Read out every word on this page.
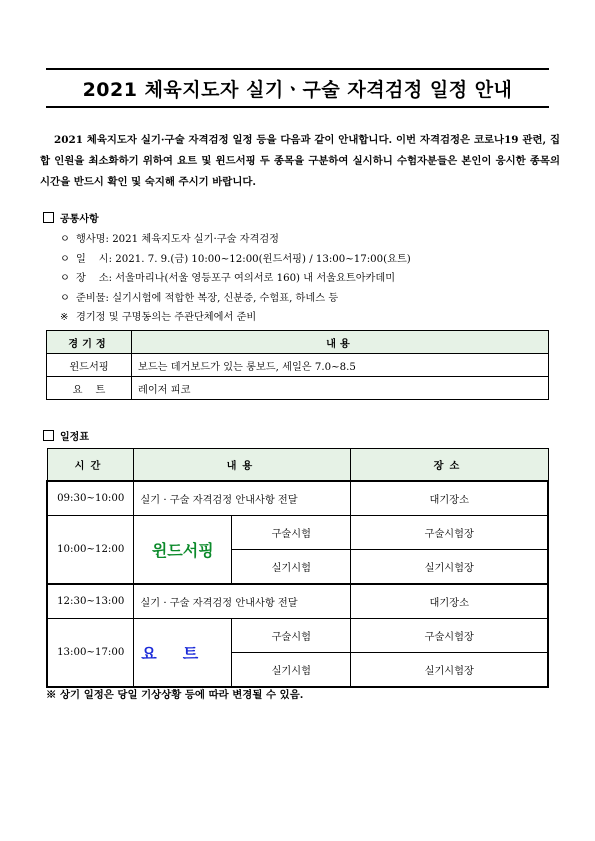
2021 체육지도자 실기ㆍ구술 자격검정 일정 안내
2021 체육지도자 실기·구술 자격검정 일정 등을 다음과 같이 안내합니다. 이번 자격검정은 코로나19 관련, 집합 인원을 최소화하기 위하여 요트 및 윈드서핑 두 종목을 구분하여 실시하니 수험자분들은 본인이 응시한 종목의 시간을 반드시 확인 및 숙지해 주시기 바랍니다.
공통사항
ㅇ 행사명: 2021 체육지도자 실기·구술 자격검정
ㅇ 일    시: 2021. 7. 9.(금) 10:00~12:00(윈드서핑) / 13:00~17:00(요트)
ㅇ 장    소: 서울마리나(서울 영등포구 여의서로 160) 내 서울요트아카데미
ㅇ 준비물: 실기시험에 적합한 복장, 신분증, 수험표, 하네스 등
※ 경기정 및 구명동의는 주관단체에서 준비
경기정	내용
윈드서핑	보드는 데거보드가 있는 롱보드, 세일은 7.0~8.5
요    트	레이저 피코
일정표
시간	내용		장소
09:30~10:00	실기 · 구술 자격검정 안내사항 전달		대기장소
10:00~12:00	윈드서핑	구술시험	구술시험장
		실기시험	실기시험장
12:30~13:00	실기 · 구술 자격검정 안내사항 전달		대기장소
13:00~17:00	요트	구술시험	구술시험장
		실기시험	실기시험장
※ 상기 일정은 당일 기상상황 등에 따라 변경될 수 있음.
